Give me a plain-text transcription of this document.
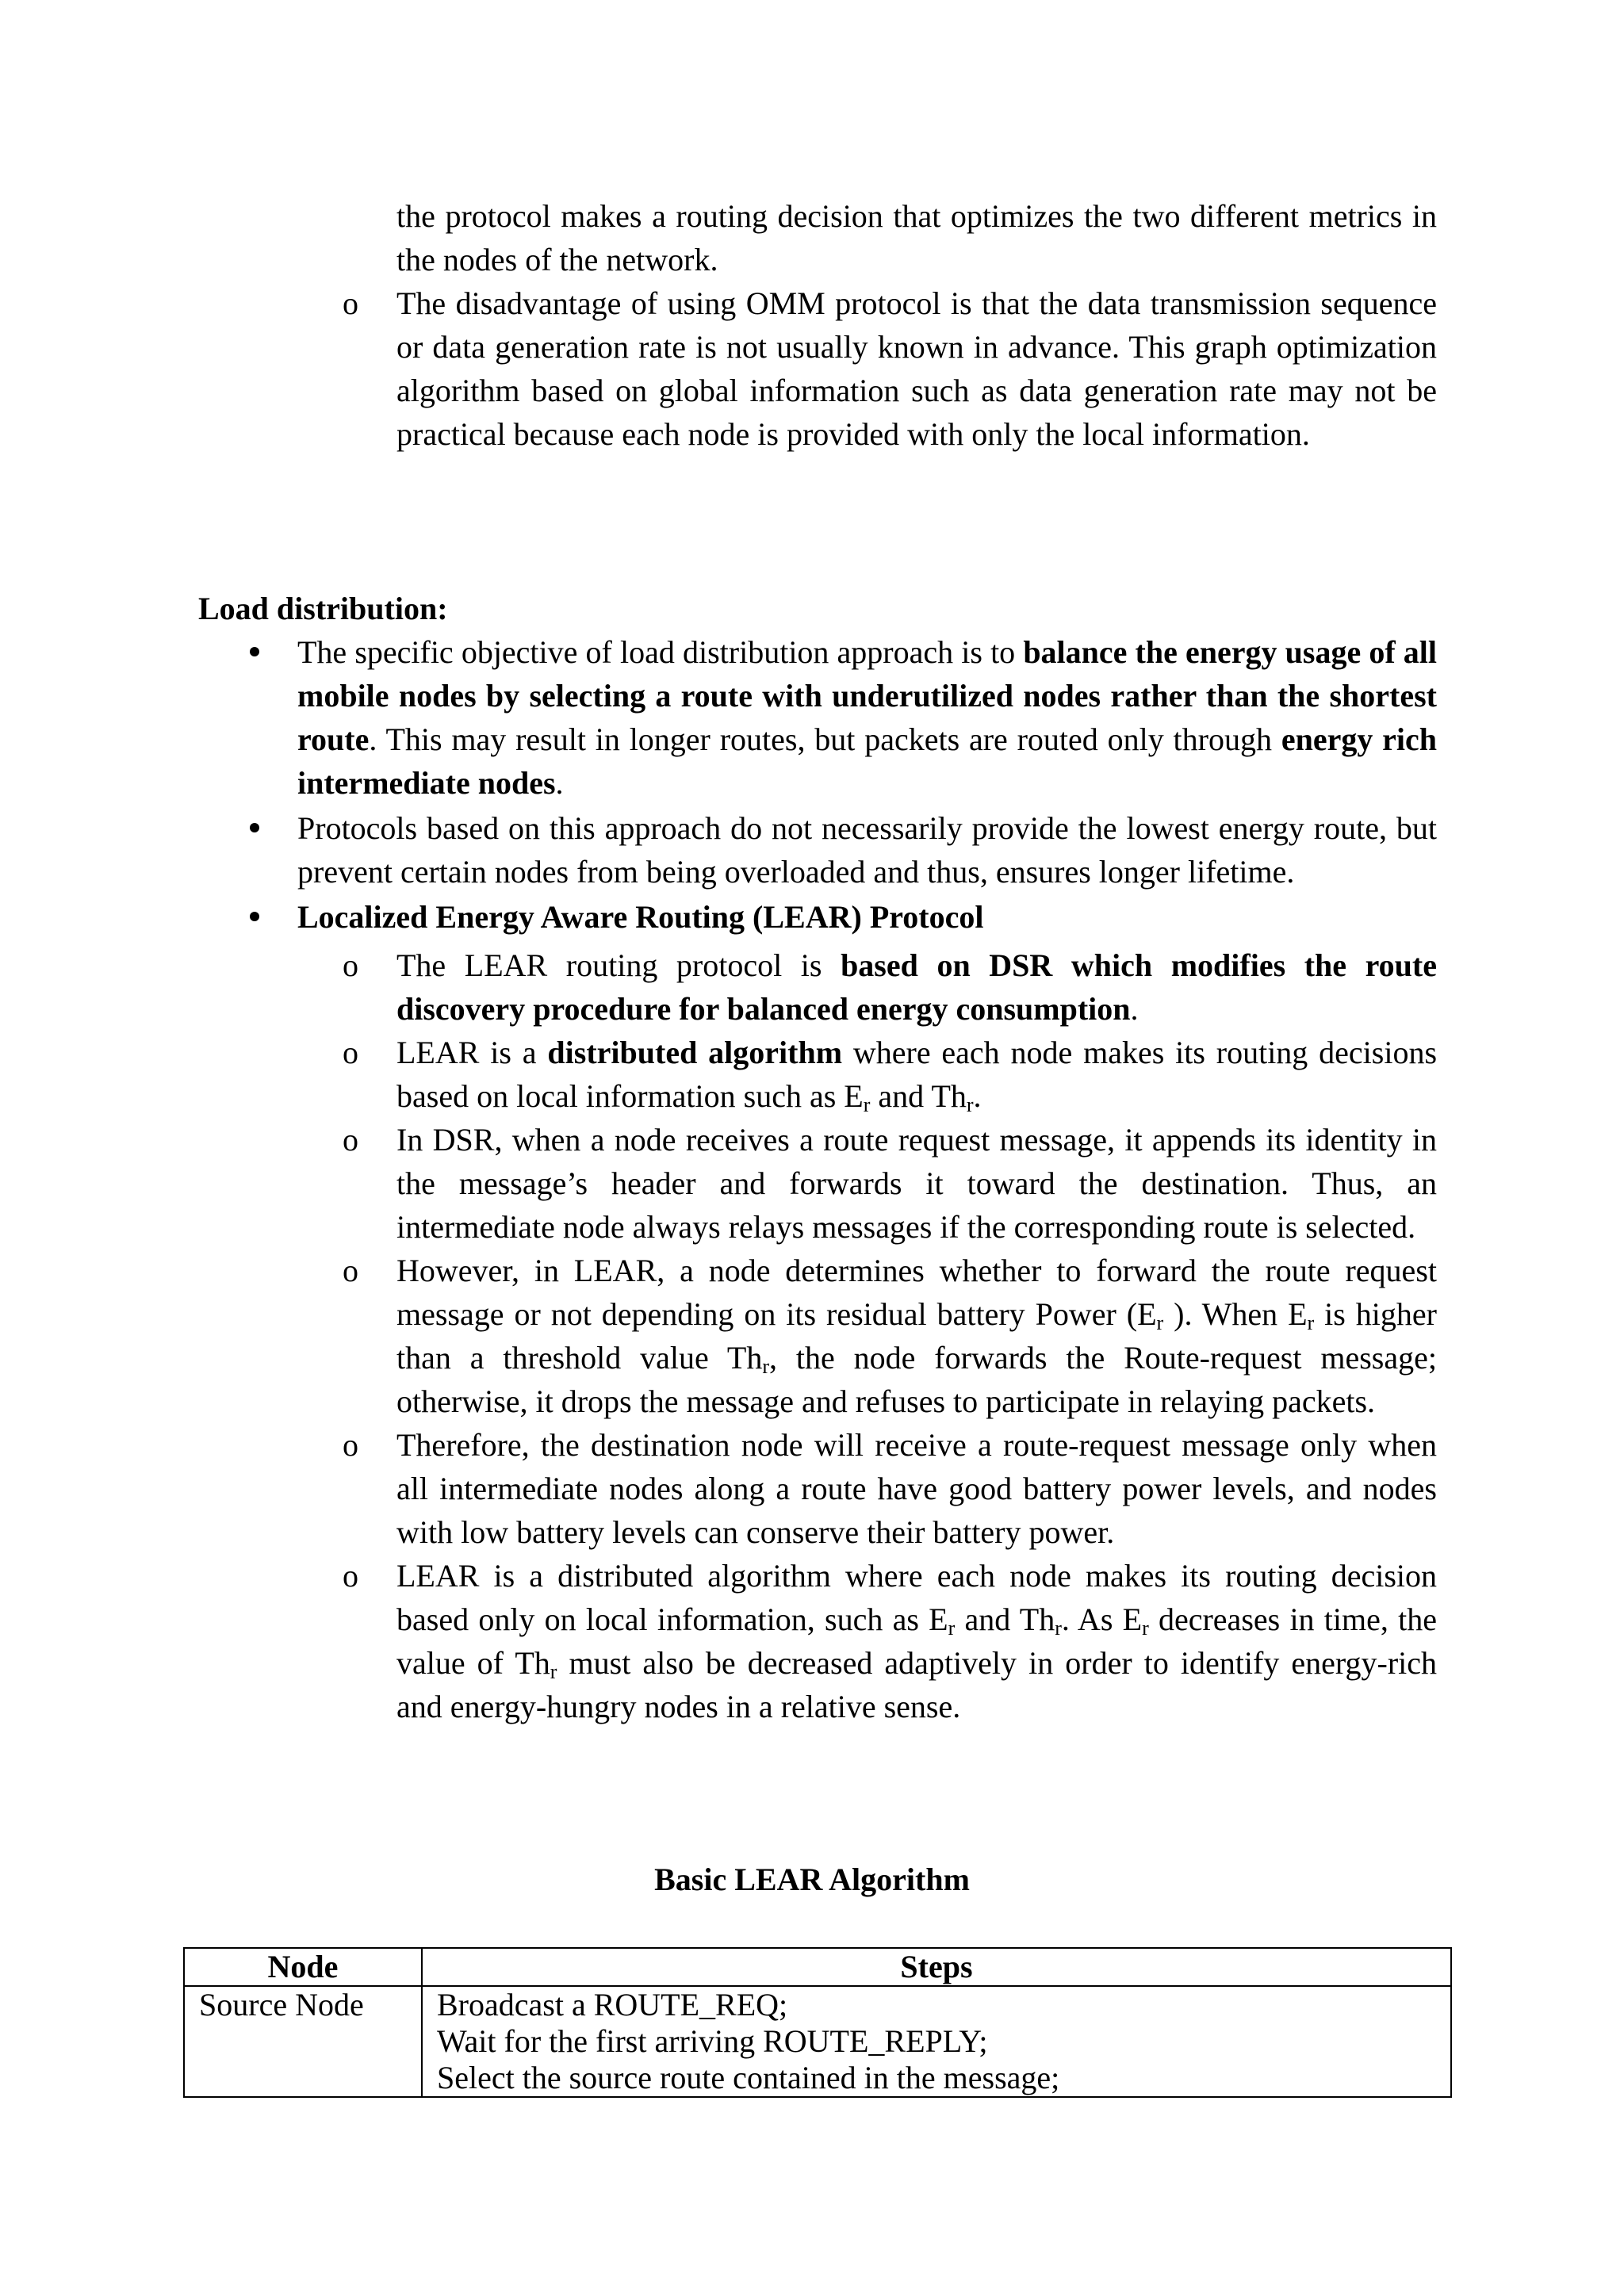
the protocol makes a routing decision that optimizes the two different metrics in the nodes of the network.
o The disadvantage of using OMM protocol is that the data transmission sequence or data generation rate is not usually known in advance. This graph optimization algorithm based on global information such as data generation rate may not be practical because each node is provided with only the local information.
Load distribution:
The specific objective of load distribution approach is to balance the energy usage of all mobile nodes by selecting a route with underutilized nodes rather than the shortest route. This may result in longer routes, but packets are routed only through energy rich intermediate nodes.
Protocols based on this approach do not necessarily provide the lowest energy route, but prevent certain nodes from being overloaded and thus, ensures longer lifetime.
Localized Energy Aware Routing (LEAR) Protocol
o The LEAR routing protocol is based on DSR which modifies the route discovery procedure for balanced energy consumption.
o LEAR is a distributed algorithm where each node makes its routing decisions based on local information such as $E_r$ and $Th_r$.
o In DSR, when a node receives a route request message, it appends its identity in the message’s header and forwards it toward the destination. Thus, an intermediate node always relays messages if the corresponding route is selected.
o However, in LEAR, a node determines whether to forward the route request message or not depending on its residual battery Power ($E_r$ ). When $E_r$ is higher than a threshold value $Th_r$, the node forwards the Route-request message; otherwise, it drops the message and refuses to participate in relaying packets.
o Therefore, the destination node will receive a route-request message only when all intermediate nodes along a route have good battery power levels, and nodes with low battery levels can conserve their battery power.
o LEAR is a distributed algorithm where each node makes its routing decision based only on local information, such as $E_r$ and $Th_r$. As $E_r$ decreases in time, the value of $Th_r$ must also be decreased adaptively in order to identify energy-rich and energy-hungry nodes in a relative sense.
Basic LEAR Algorithm
Node	Steps
Source Node	Broadcast a ROUTE_REQ;
Wait for the first arriving ROUTE_REPLY;
Select the source route contained in the message;
